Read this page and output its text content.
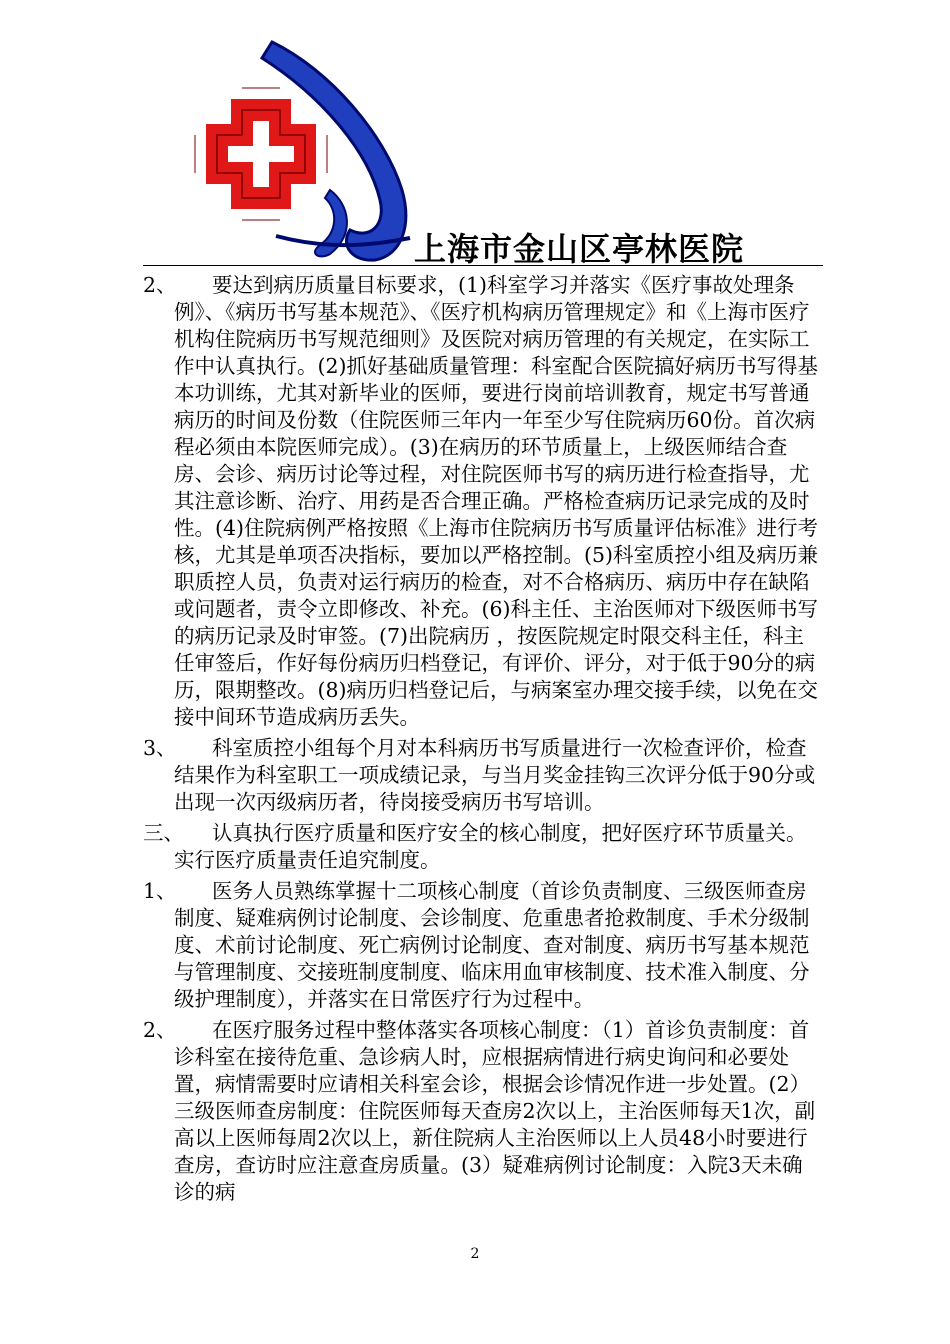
上海市金山区亭林医院

2、 要达到病历质量目标要求，(1)科室学习并落实《医疗事故处理条例》、《病历书写基本规范》、《医疗机构病历管理规定》和《上海市医疗机构住院病历书写规范细则》及医院对病历管理的有关规定，在实际工作中认真执行。(2)抓好基础质量管理：科室配合医院搞好病历书写得基本功训练，尤其对新毕业的医师，要进行岗前培训教育，规定书写普通病历的时间及份数（住院医师三年内一年至少写住院病历60份。首次病程必须由本院医师完成）。(3)在病历的环节质量上，上级医师结合查房、会诊、病历讨论等过程，对住院医师书写的病历进行检查指导，尤其注意诊断、治疗、用药是否合理正确。严格检查病历记录完成的及时性。(4)住院病例严格按照《上海市住院病历书写质量评估标准》进行考核，尤其是单项否决指标，要加以严格控制。(5)科室质控小组及病历兼职质控人员，负责对运行病历的检查，对不合格病历、病历中存在缺陷或问题者，责令立即修改、补充。(6)科主任、主治医师对下级医师书写的病历记录及时审签。(7)出院病历 ，按医院规定时限交科主任，科主任审签后，作好每份病历归档登记，有评价、评分，对于低于90分的病历，限期整改。(8)病历归档登记后，与病案室办理交接手续，以免在交接中间环节造成病历丢失。

3、 科室质控小组每个月对本科病历书写质量进行一次检查评价，检查结果作为科室职工一项成绩记录，与当月奖金挂钩三次评分低于90分或出现一次丙级病历者，待岗接受病历书写培训。

三、 认真执行医疗质量和医疗安全的核心制度，把好医疗环节质量关。实行医疗质量责任追究制度。

1、 医务人员熟练掌握十二项核心制度（首诊负责制度、三级医师查房制度、疑难病例讨论制度、会诊制度、危重患者抢救制度、手术分级制度、术前讨论制度、死亡病例讨论制度、查对制度、病历书写基本规范与管理制度、交接班制度制度、临床用血审核制度、技术准入制度、分级护理制度），并落实在日常医疗行为过程中。

2、 在医疗服务过程中整体落实各项核心制度：（1）首诊负责制度：首诊科室在接待危重、急诊病人时，应根据病情进行病史询问和必要处置，病情需要时应请相关科室会诊，根据会诊情况作进一步处置。(2）三级医师查房制度：住院医师每天查房2次以上，主治医师每天1次，副高以上医师每周2次以上，新住院病人主治医师以上人员48小时要进行查房，查访时应注意查房质量。(3）疑难病例讨论制度：入院3天未确诊的病

2
